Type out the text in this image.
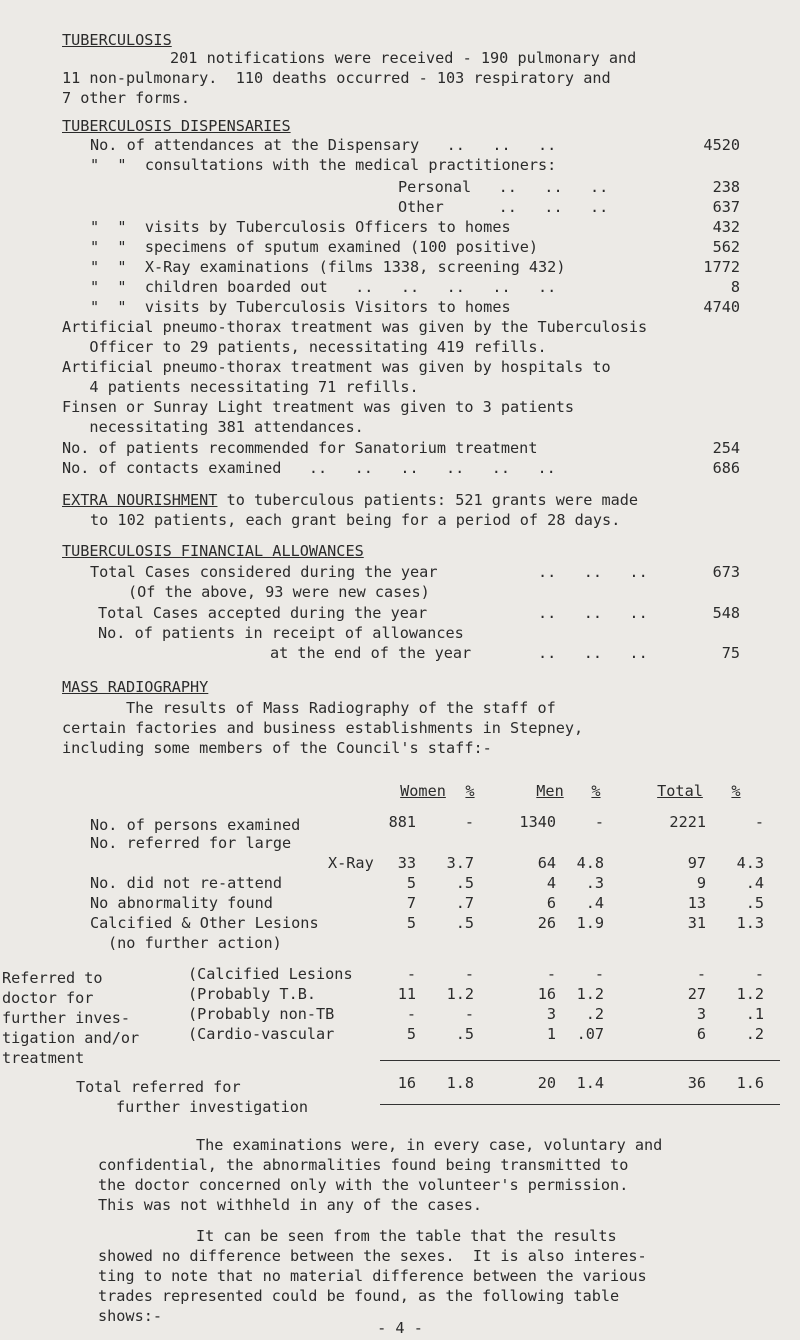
TUBERCULOSIS
201 notifications were received - 190 pulmonary and
11 non-pulmonary.  110 deaths occurred - 103 respiratory and
7 other forms.
TUBERCULOSIS DISPENSARIES
No. of attendances at the Dispensary   ..   ..   ..	4520
"  "  consultations with the medical practitioners:
Personal   ..   ..   ..	238
Other      ..   ..   ..	637
"  "  visits by Tuberculosis Officers to homes	432
"  "  specimens of sputum examined (100 positive)	562
"  "  X-Ray examinations (films 1338, screening 432)	1772
"  "  children boarded out   ..   ..   ..   ..   ..	8
"  "  visits by Tuberculosis Visitors to homes	4740
Artificial pneumo-thorax treatment was given by the Tuberculosis
Officer to 29 patients, necessitating 419 refills.
Artificial pneumo-thorax treatment was given by hospitals to
4 patients necessitating 71 refills.
Finsen or Sunray Light treatment was given to 3 patients
necessitating 381 attendances.
No. of patients recommended for Sanatorium treatment	254
No. of contacts examined   ..   ..   ..   ..   ..   ..	686
EXTRA NOURISHMENT to tuberculous patients: 521 grants were made
to 102 patients, each grant being for a period of 28 days.
TUBERCULOSIS FINANCIAL ALLOWANCES
Total Cases considered during the year	..   ..   ..	673
(Of the above, 93 were new cases)
Total Cases accepted during the year	..   ..   ..	548
No. of patients in receipt of allowances
at the end of the year	..   ..   ..	75
MASS RADIOGRAPHY
The results of Mass Radiography of the staff of
certain factories and business establishments in Stepney,
including some members of the Council's staff:-
Women	%	Men	%	Total	%
No. of persons examined	881	-	1340	-	2221	-
No. referred for large
X-Ray	33	3.7	64	4.8	97	4.3
No. did not re-attend	5	.5	4	.3	9	.4
No abnormality found	7	.7	6	.4	13	.5
Calcified & Other Lesions	5	.5	26	1.9	31	1.3
(no further action)
Referred to
doctor for
further inves-
tigation and/or
treatment
(Calcified Lesions	-	-	-	-	-	-
(Probably T.B.	11	1.2	16	1.2	27	1.2
(Probably non-TB	-	-	3	.2	3	.1
(Cardio-vascular	5	.5	1	.07	6	.2
Total referred for
further investigation
16	1.8	20	1.4	36	1.6
The examinations were, in every case, voluntary and
confidential, the abnormalities found being transmitted to
the doctor concerned only with the volunteer's permission.
This was not withheld in any of the cases.
It can be seen from the table that the results
showed no difference between the sexes.  It is also interes-
ting to note that no material difference between the various
trades represented could be found, as the following table
shows:-
- 4 -
